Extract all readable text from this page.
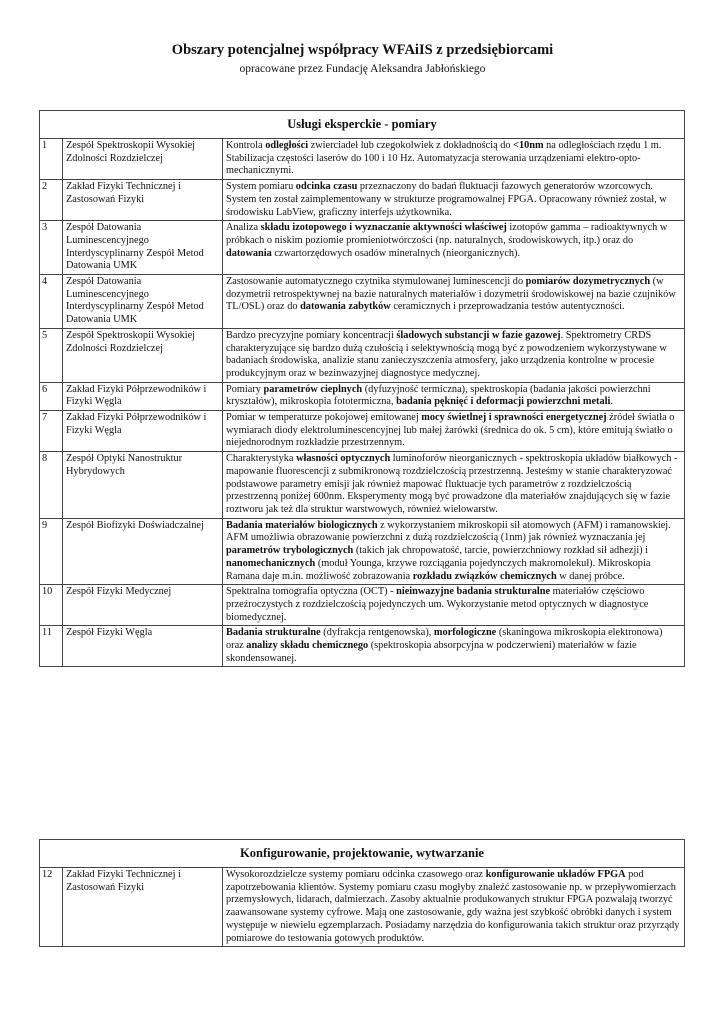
Obszary potencjalnej współpracy WFAiIS z przedsiębiorcami
opracowane przez Fundację Aleksandra Jabłońskiego
Usługi eksperckie - pomiary		
1	Zespół Spektroskopii Wysokiej Zdolności Rozdzielczej	Kontrola odległości zwierciadeł lub czegokolwiek z dokładnością do <10nm na odległościach rzędu 1 m. Stabilizacja częstości laserów do 100 i 10 Hz. Automatyzacja sterowania urządzeniami elektro-opto-mechanicznymi.
2	Zakład Fizyki Technicznej i Zastosowań Fizyki	System pomiaru odcinka czasu przeznaczony do badań fluktuacji fazowych generatorów wzorcowych. System ten został zaimplementowany w strukturze programowalnej FPGA. Opracowany również został, w środowisku LabView, graficzny interfejs użytkownika.
3	Zespół Datowania Luminescencyjnego Interdyscyplinarny Zespół Metod Datowania UMK	Analiza składu izotopowego i wyznaczanie aktywności właściwej izotopów gamma – radioaktywnych w próbkach o niskim poziomie promieniotwórczości (np. naturalnych, środowiskowych, itp.) oraz do datowania czwartorzędowych osadów mineralnych (nieorganicznych).
4	Zespół Datowania Luminescencyjnego Interdyscyplinarny Zespół Metod Datowania UMK	Zastosowanie automatycznego czytnika stymulowanej luminescencji do pomiarów dozymetrycznych (w dozymetrii retrospektywnej na bazie naturalnych materiałów i dozymetrii środowiskowej na bazie czujników TL/OSL) oraz do datowania zabytków ceramicznych i przeprowadzania testów autentyczności.
5	Zespół Spektroskopii Wysokiej Zdolności Rozdzielczej	Bardzo precyzyjne pomiary koncentracji śladowych substancji w fazie gazowej. Spektrometry CRDS charakteryzujące się bardzo dużą czułością i selektywnością mogą być z powodzeniem wykorzystywane w badaniach środowiska, analizie stanu zanieczyszczenia atmosfery, jako urządzenia kontrolne w procesie produkcyjnym oraz w bezinwazyjnej diagnostyce medycznej.
6	Zakład Fizyki Półprzewodników i Fizyki Węgla	Pomiary parametrów cieplnych (dyfuzyjność termiczna), spektroskopia (badania jakości powierzchni kryształów), mikroskopia fototermiczna, badania pęknięć i deformacji powierzchni metali.
7	Zakład Fizyki Półprzewodników i Fizyki Węgla	Pomiar w temperaturze pokojowej emitowanej mocy świetlnej i sprawności energetycznej źródeł światła o wymiarach diody elektroluminescencyjnej lub małej żarówki (średnica do ok. 5 cm), które emitują światło o niejednorodnym rozkładzie przestrzennym.
8	Zespół Optyki Nanostruktur Hybrydowych	Charakterystyka własności optycznych luminoforów nieorganicznych - spektroskopia układów białkowych - mapowanie fluorescencji z submikronową rozdzielczością przestrzenną. Jesteśmy w stanie charakteryzować podstawowe parametry emisji jak również mapować fluktuacje tych parametrów z rozdzielczością przestrzenną poniżej 600nm. Eksperymenty mogą być prowadzone dla materiałów znajdujących się w fazie roztworu jak też dla struktur warstwowych, również wielowarstw.
9	Zespół Biofizyki Doświadczalnej	Badania materiałów biologicznych z wykorzystaniem mikroskopii sił atomowych (AFM) i ramanowskiej. AFM umożliwia obrazowanie powierzchni z dużą rozdzielczością (1nm) jak również wyznaczania jej parametrów trybologicznych (takich jak chropowatość, tarcie, powierzchniowy rozkład sił adhezji) i nanomechanicznych (moduł Younga, krzywe rozciągania pojedynczych makromolekuł). Mikroskopia Ramana daje m.in. możliwość zobrazowania rozkładu związków chemicznych w danej próbce.
10	Zespół Fizyki Medycznej	Spektralna tomografia optyczna (OCT) - nieinwazyjne badania strukturalne materiałów częściowo przeźroczystych z rozdzielczością pojedynczych um. Wykorzystanie metod optycznych w diagnostyce biomedycznej.
11	Zespół Fizyki Węgla	Badania strukturalne (dyfrakcja rentgenowska), morfologiczne (skaningowa mikroskopia elektronowa) oraz analizy składu chemicznego (spektroskopia absorpcyjna w podczerwieni) materiałów w fazie skondensowanej.
Konfigurowanie, projektowanie, wytwarzanie
12	Zakład Fizyki Technicznej i Zastosowań Fizyki	Wysokorozdzielcze systemy pomiaru odcinka czasowego oraz konfigurowanie układów FPGA pod zapotrzebowania klientów. Systemy pomiaru czasu mogłyby znaleźć zastosowanie np. w przepływomierzach przemysłowych, lidarach, dalmierzach. Zasoby aktualnie produkowanych struktur FPGA pozwalają tworzyć zaawansowane systemy cyfrowe. Mają one zastosowanie, gdy ważna jest szybkość obróbki danych i system występuje w niewielu egzemplarzach. Posiadamy narzędzia do konfigurowania takich struktur oraz przyrządy pomiarowe do testowania gotowych produktów.
